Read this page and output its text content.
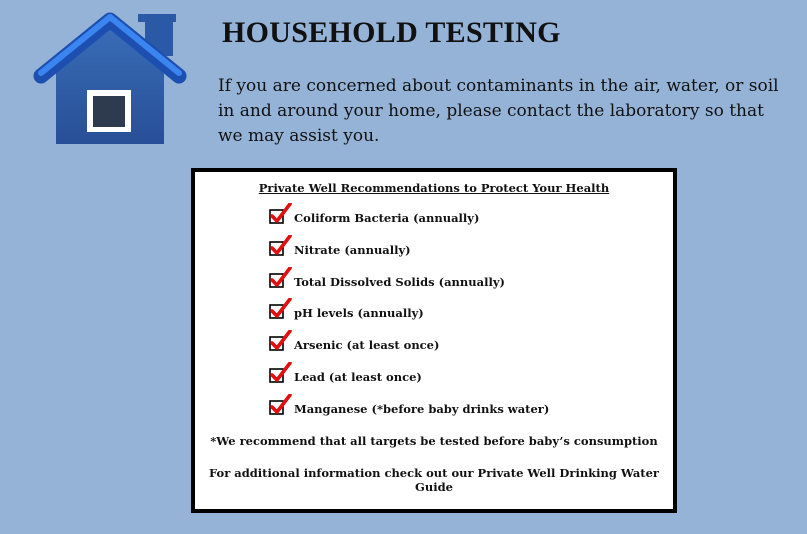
HOUSEHOLD TESTING

If you are concerned about contaminants in the air, water, or soil in and around your home, please contact the laboratory so that we may assist you.

Private Well Recommendations to Protect Your Health
Coliform Bacteria (annually)
Nitrate (annually)
Total Dissolved Solids (annually)
pH levels (annually)
Arsenic (at least once)
Lead (at least once)
Manganese (*before baby drinks water)
*We recommend that all targets be tested before baby’s consumption
For additional information check out our Private Well Drinking Water Guide
